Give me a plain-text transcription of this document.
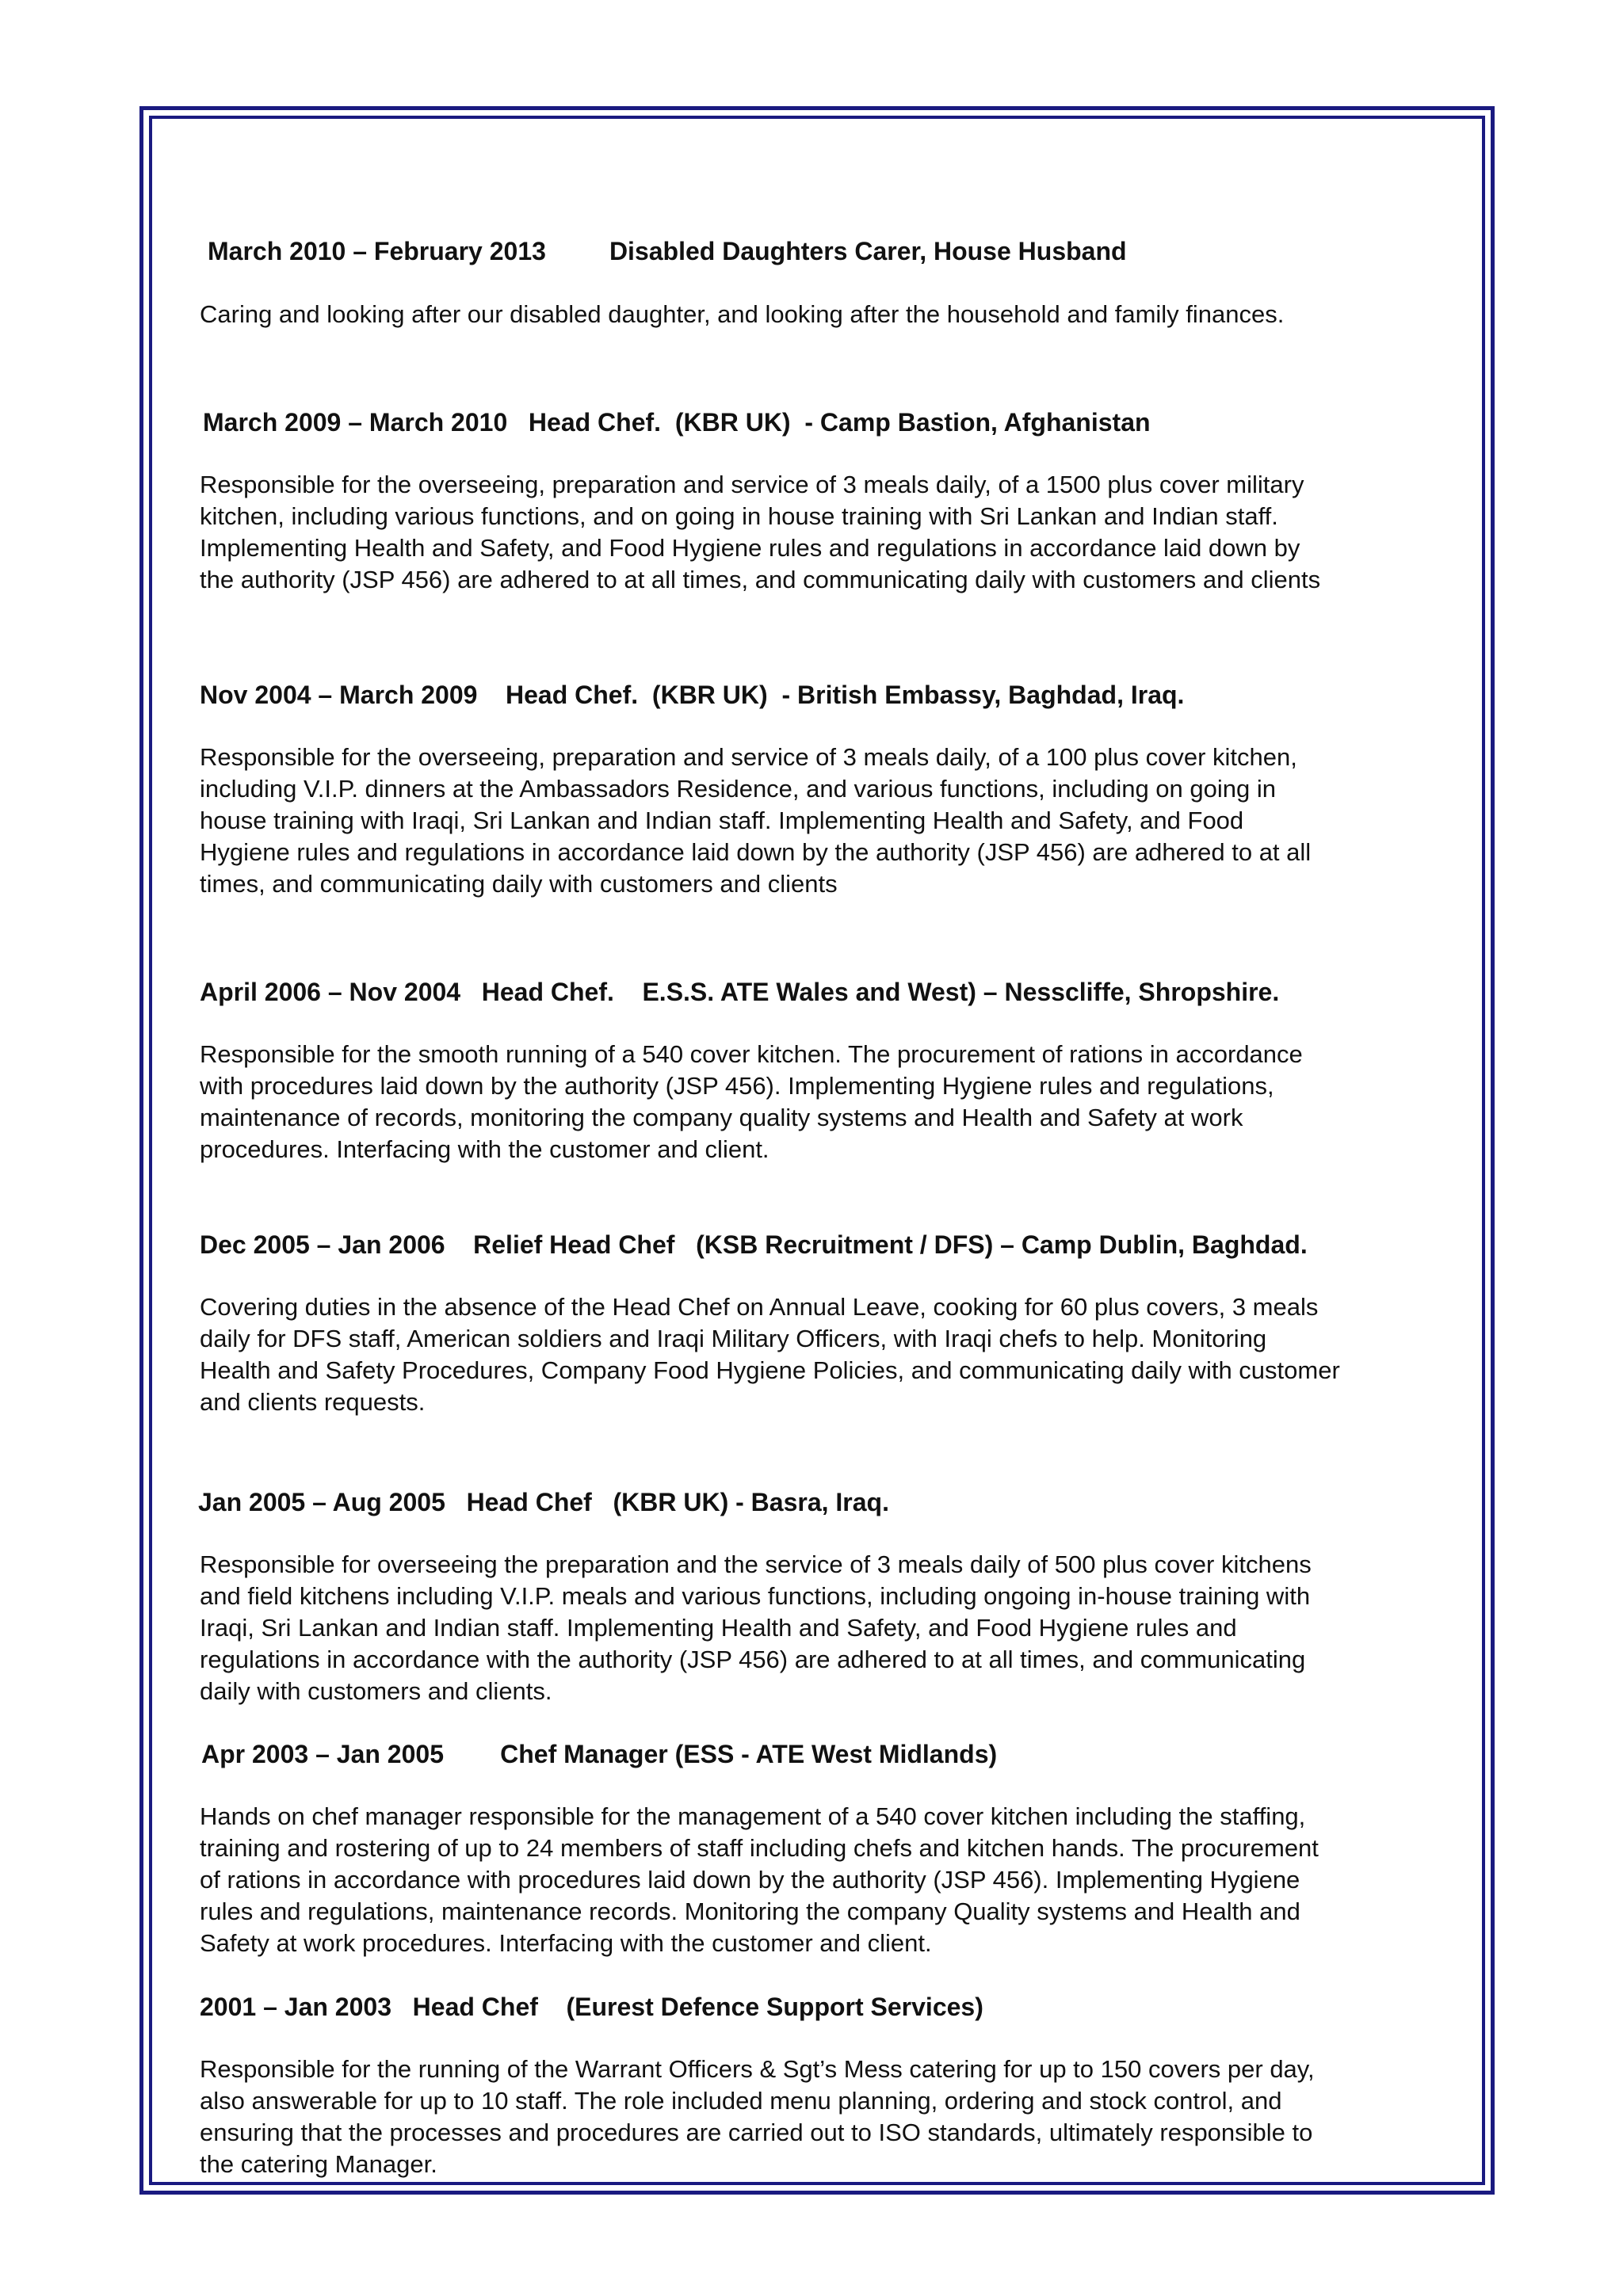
March 2010 – February 2013         Disabled Daughters Carer, House Husband
Caring and looking after our disabled daughter, and looking after the household and family finances.
March 2009 – March 2010   Head Chef.  (KBR UK)  - Camp Bastion, Afghanistan
Responsible for the overseeing, preparation and service of 3 meals daily, of a 1500 plus cover military
kitchen, including various functions, and on going in house training with Sri Lankan and Indian staff.
Implementing Health and Safety, and Food Hygiene rules and regulations in accordance laid down by
the authority (JSP 456) are adhered to at all times, and communicating daily with customers and clients
Nov 2004 – March 2009    Head Chef.  (KBR UK)  - British Embassy, Baghdad, Iraq.
Responsible for the overseeing, preparation and service of 3 meals daily, of a 100 plus cover kitchen,
including V.I.P. dinners at the Ambassadors Residence, and various functions, including on going in
house training with Iraqi, Sri Lankan and Indian staff. Implementing Health and Safety, and Food
Hygiene rules and regulations in accordance laid down by the authority (JSP 456) are adhered to at all
times, and communicating daily with customers and clients
April 2006 – Nov 2004   Head Chef.    E.S.S. ATE Wales and West) – Nesscliffe, Shropshire.
Responsible for the smooth running of a 540 cover kitchen. The procurement of rations in accordance
with procedures laid down by the authority (JSP 456). Implementing Hygiene rules and regulations,
maintenance of records, monitoring the company quality systems and Health and Safety at work
procedures. Interfacing with the customer and client.
Dec 2005 – Jan 2006    Relief Head Chef   (KSB Recruitment / DFS) – Camp Dublin, Baghdad.
Covering duties in the absence of the Head Chef on Annual Leave, cooking for 60 plus covers, 3 meals
daily for DFS staff, American soldiers and Iraqi Military Officers, with Iraqi chefs to help. Monitoring
Health and Safety Procedures, Company Food Hygiene Policies, and communicating daily with customer
and clients requests.
Jan 2005 – Aug 2005   Head Chef   (KBR UK) - Basra, Iraq.
Responsible for overseeing the preparation and the service of 3 meals daily of 500 plus cover kitchens
and field kitchens including V.I.P. meals and various functions, including ongoing in-house training with
Iraqi, Sri Lankan and Indian staff. Implementing Health and Safety, and Food Hygiene rules and
regulations in accordance with the authority (JSP 456) are adhered to at all times, and communicating
daily with customers and clients.
Apr 2003 – Jan 2005        Chef Manager (ESS - ATE West Midlands)
Hands on chef manager responsible for the management of a 540 cover kitchen including the staffing,
training and rostering of up to 24 members of staff including chefs and kitchen hands. The procurement
of rations in accordance with procedures laid down by the authority (JSP 456). Implementing Hygiene
rules and regulations, maintenance records. Monitoring the company Quality systems and Health and
Safety at work procedures. Interfacing with the customer and client.
2001 – Jan 2003   Head Chef    (Eurest Defence Support Services)
Responsible for the running of the Warrant Officers & Sgt’s Mess catering for up to 150 covers per day,
also answerable for up to 10 staff. The role included menu planning, ordering and stock control, and
ensuring that the processes and procedures are carried out to ISO standards, ultimately responsible to
the catering Manager.
